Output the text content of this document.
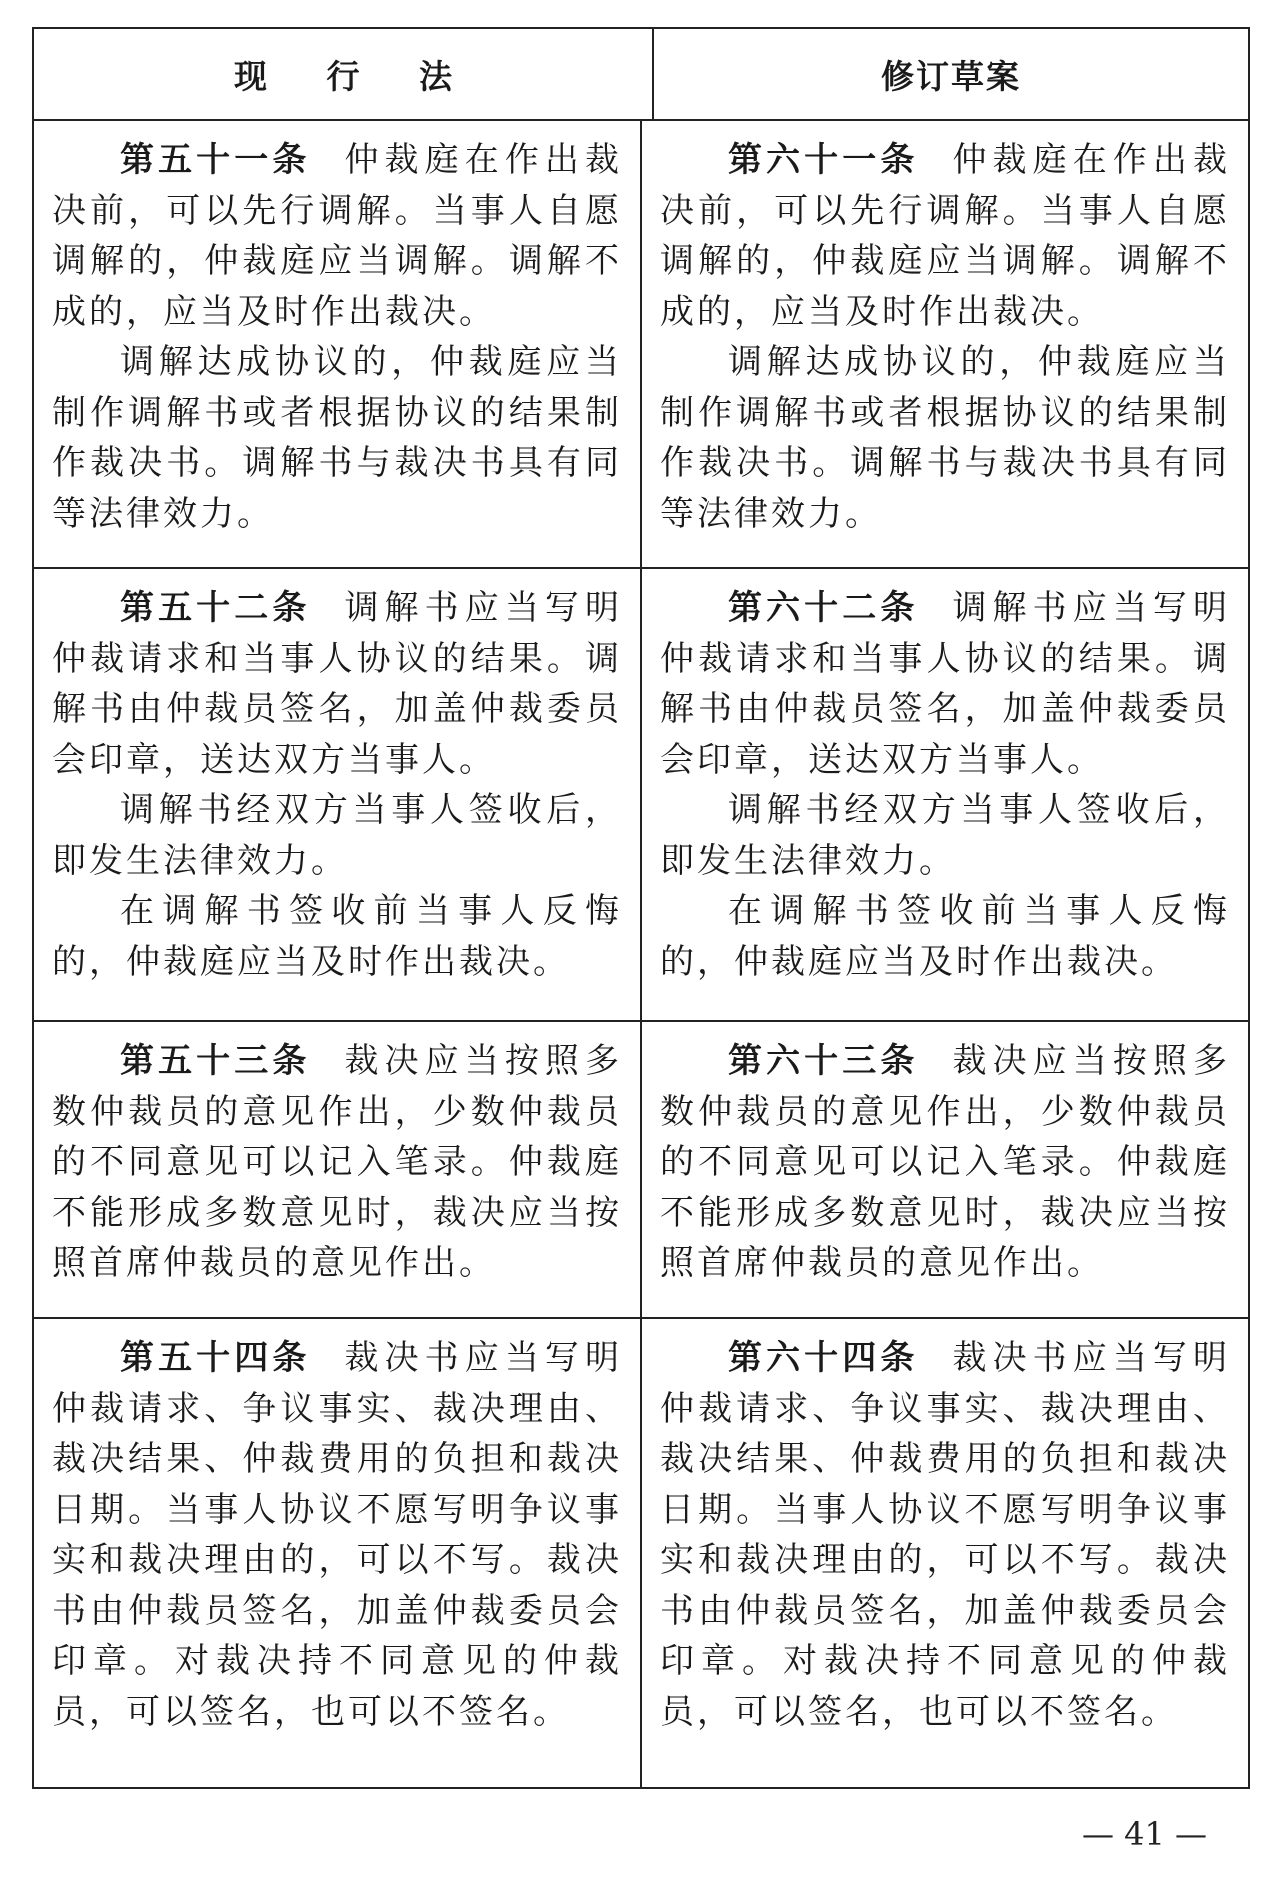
现 行 法	修订草案

第五十一条 仲裁庭在作出裁决前，可以先行调解。当事人自愿调解的，仲裁庭应当调解。调解不成的，应当及时作出裁决。

调解达成协议的，仲裁庭应当制作调解书或者根据协议的结果制作裁决书。调解书与裁决书具有同等法律效力。

第六十一条 仲裁庭在作出裁决前，可以先行调解。当事人自愿调解的，仲裁庭应当调解。调解不成的，应当及时作出裁决。

调解达成协议的，仲裁庭应当制作调解书或者根据协议的结果制作裁决书。调解书与裁决书具有同等法律效力。

第五十二条 调解书应当写明仲裁请求和当事人协议的结果。调解书由仲裁员签名，加盖仲裁委员会印章，送达双方当事人。

调解书经双方当事人签收后，即发生法律效力。

在调解书签收前当事人反悔的，仲裁庭应当及时作出裁决。

第六十二条 调解书应当写明仲裁请求和当事人协议的结果。调解书由仲裁员签名，加盖仲裁委员会印章，送达双方当事人。

调解书经双方当事人签收后，即发生法律效力。

在调解书签收前当事人反悔的，仲裁庭应当及时作出裁决。

第五十三条 裁决应当按照多数仲裁员的意见作出，少数仲裁员的不同意见可以记入笔录。仲裁庭不能形成多数意见时，裁决应当按照首席仲裁员的意见作出。

第六十三条 裁决应当按照多数仲裁员的意见作出，少数仲裁员的不同意见可以记入笔录。仲裁庭不能形成多数意见时，裁决应当按照首席仲裁员的意见作出。

第五十四条 裁决书应当写明仲裁请求、争议事实、裁决理由、裁决结果、仲裁费用的负担和裁决日期。当事人协议不愿写明争议事实和裁决理由的，可以不写。裁决书由仲裁员签名，加盖仲裁委员会印章。对裁决持不同意见的仲裁员，可以签名，也可以不签名。

第六十四条 裁决书应当写明仲裁请求、争议事实、裁决理由、裁决结果、仲裁费用的负担和裁决日期。当事人协议不愿写明争议事实和裁决理由的，可以不写。裁决书由仲裁员签名，加盖仲裁委员会印章。对裁决持不同意见的仲裁员，可以签名，也可以不签名。

— 41 —
